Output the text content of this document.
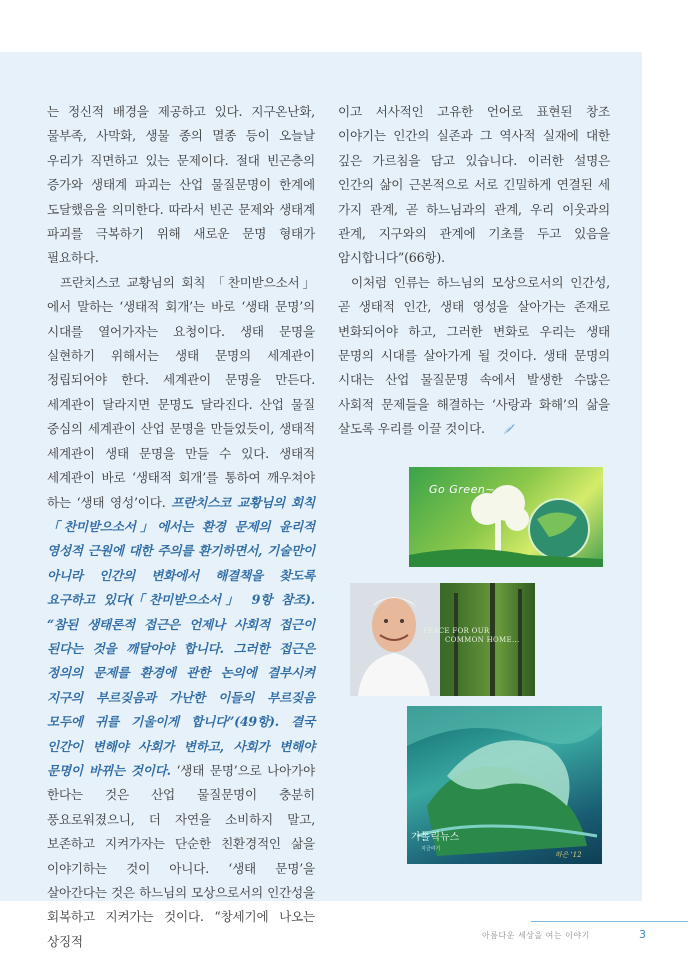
는 정신적 배경을 제공하고 있다. 지구온난화, 물부족, 사막화, 생물 종의 멸종 등이 오늘날 우리가 직면하고 있는 문제이다. 절대 빈곤층의 증가와 생태계 파괴는 산업 물질문명이 한계에 도달했음을 의미한다. 따라서 빈곤 문제와 생태계 파괴를 극복하기 위해 새로운 문명 형태가 필요하다.

프란치스코 교황님의 회칙 「찬미받으소서」에서 말하는 ‘생태적 회개’는 바로 ‘생태 문명’의 시대를 열어가자는 요청이다. 생태 문명을 실현하기 위해서는 생태 문명의 세계관이 정립되어야 한다. 세계관이 문명을 만든다. 세계관이 달라지면 문명도 달라진다. 산업 물질 중심의 세계관이 산업 문명을 만들었듯이, 생태적 세계관이 생태 문명을 만들 수 있다. 생태적 세계관이 바로 ‘생태적 회개’를 통하여 깨우쳐야 하는 ‘생태 영성’이다. 프란치스코 교황님의 회칙 「찬미받으소서」에서는 환경 문제의 윤리적 영성적 근원에 대한 주의를 환기하면서, 기술만이 아니라 인간의 변화에서 해결책을 찾도록 요구하고 있다(「찬미받으소서」 9항 참조). “참된 생태론적 접근은 언제나 사회적 접근이 된다는 것을 깨달아야 합니다. 그러한 접근은 정의의 문제를 환경에 관한 논의에 결부시켜 지구의 부르짖음과 가난한 이들의 부르짖음 모두에 귀를 기울이게 합니다”(49항). 결국 인간이 변해야 사회가 변하고, 사회가 변해야 문명이 바뀌는 것이다. ‘생태 문명’으로 나아가야 한다는 것은 산업 물질문명이 충분히 풍요로워졌으니, 더 자연을 소비하지 말고, 보존하고 지켜가자는 단순한 친환경적인 삶을 이야기하는 것이 아니다. ‘생태 문명’을 살아간다는 것은 하느님의 모상으로서의 인간성을 회복하고 지켜가는 것이다. “창세기에 나오는 상징적

이고 서사적인 고유한 언어로 표현된 창조 이야기는 인간의 실존과 그 역사적 실재에 대한 깊은 가르침을 담고 있습니다. 이러한 설명은 인간의 삶이 근본적으로 서로 긴밀하게 연결된 세 가지 관계, 곧 하느님과의 관계, 우리 이웃과의 관계, 지구와의 관계에 기초를 두고 있음을 암시합니다”(66항).

이처럼 인류는 하느님의 모상으로서의 인간성, 곧 생태적 인간, 생태 영성을 살아가는 존재로 변화되어야 하고, 그러한 변화로 우리는 생태 문명의 시대를 살아가게 될 것이다. 생태 문명의 시대는 산업 물질문명 속에서 발생한 수많은 사회적 문제들을 해결하는 ‘사랑과 화해’의 삶을 살도록 우리를 이끌 것이다.

Go Green~
PEACE FOR OUR
COMMON HOME...
가톨릭뉴스
지금여기
하은 '12
아름다운 세상을 여는 이야기	3
